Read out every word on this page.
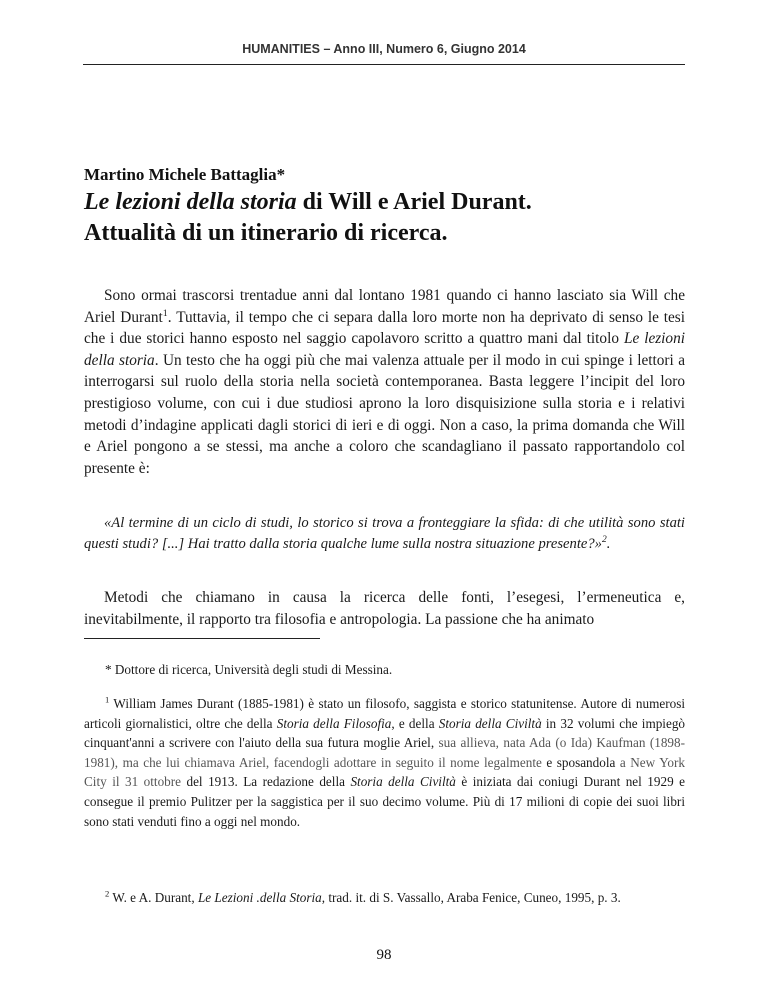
HUMANITIES – Anno III, Numero 6, Giugno 2014
Martino Michele Battaglia*
Le lezioni della storia di Will e Ariel Durant.
Attualità di un itinerario di ricerca.

Sono ormai trascorsi trentadue anni dal lontano 1981 quando ci hanno lasciato sia Will che Ariel Durant$^1$. Tuttavia, il tempo che ci separa dalla loro morte non ha deprivato di senso le tesi che i due storici hanno esposto nel saggio capolavoro scritto a quattro mani dal titolo Le lezioni della storia. Un testo che ha oggi più che mai valenza attuale per il modo in cui spinge i lettori a interrogarsi sul ruolo della storia nella società contemporanea. Basta leggere l’incipit del loro prestigioso volume, con cui i due studiosi aprono la loro disquisizione sulla storia e i relativi metodi d’indagine applicati dagli storici di ieri e di oggi. Non a caso, la prima domanda che Will e Ariel pongono a se stessi, ma anche a coloro che scandagliano il passato rapportandolo col presente è:

«Al termine di un ciclo di studi, lo storico si trova a fronteggiare la sfida: di che utilità sono stati questi studi? [...] Hai tratto dalla storia qualche lume sulla nostra situazione presente?»$^2$.

Metodi che chiamano in causa la ricerca delle fonti, l’esegesi, l’ermeneutica e, inevitabilmente, il rapporto tra filosofia e antropologia. La passione che ha animato

* Dottore di ricerca, Università degli studi di Messina.

$^1$ William James Durant (1885-1981) è stato un filosofo, saggista e storico statunitense. Autore di numerosi articoli giornalistici, oltre che della Storia della Filosofia, e della Storia della Civiltà in 32 volumi che impiegò cinquant'anni a scrivere con l'aiuto della sua futura moglie Ariel, sua allieva, nata Ada (o Ida) Kaufman (1898-1981), ma che lui chiamava Ariel, facendogli adottare in seguito il nome legalmente e sposandola a New York City il 31 ottobre del 1913. La redazione della Storia della Civiltà è iniziata dai coniugi Durant nel 1929 e consegue il premio Pulitzer per la saggistica per il suo decimo volume. Più di 17 milioni di copie dei suoi libri sono stati venduti fino a oggi nel mondo.

$^2$ W. e A. Durant, Le Lezioni .della Storia, trad. it. di S. Vassallo, Araba Fenice, Cuneo, 1995, p. 3.

98
